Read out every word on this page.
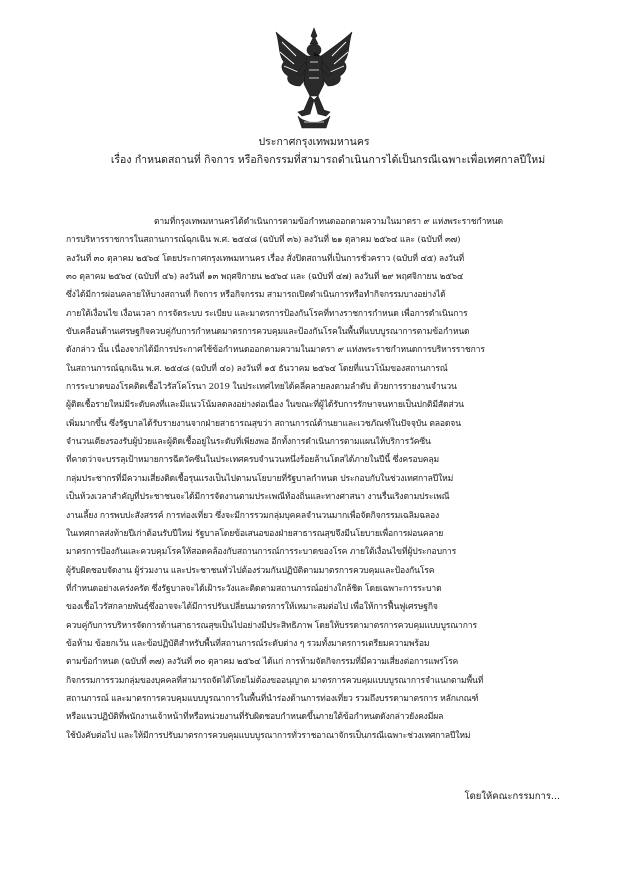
ประกาศกรุงเทพมหานคร
เรื่อง กำหนดสถานที่ กิจการ หรือกิจกรรมที่สามารถดำเนินการได้เป็นกรณีเฉพาะเพื่อเทศกาลปีใหม่
ตามที่กรุงเทพมหานครได้ดำเนินการตามข้อกำหนดออกตามความในมาตรา ๙ แห่งพระราชกำหนด
การบริหารราชการในสถานการณ์ฉุกเฉิน พ.ศ. ๒๕๔๘ (ฉบับที่ ๓๖) ลงวันที่ ๒๑ ตุลาคม ๒๕๖๔ และ (ฉบับที่ ๓๗)
ลงวันที่ ๓๐ ตุลาคม ๒๕๖๔ โดยประกาศกรุงเทพมหานคร เรื่อง สั่งปิดสถานที่เป็นการชั่วคราว (ฉบับที่ ๔๕) ลงวันที่
๓๐ ตุลาคม ๒๕๖๔ (ฉบับที่ ๔๖) ลงวันที่ ๑๓ พฤศจิกายน ๒๕๖๔ และ (ฉบับที่ ๔๗) ลงวันที่ ๒๙ พฤศจิกายน ๒๕๖๔
ซึ่งได้มีการผ่อนคลายให้บางสถานที่ กิจการ หรือกิจกรรม สามารถเปิดดำเนินการหรือทำกิจกรรมบางอย่างได้
ภายใต้เงื่อนไข เงื่อนเวลา การจัดระบบ ระเบียบ และมาตรการป้องกันโรคที่ทางราชการกำหนด เพื่อการดำเนินการ
ขับเคลื่อนด้านเศรษฐกิจควบคู่กับการกำหนดมาตรการควบคุมและป้องกันโรคในพื้นที่แบบบูรณาการตามข้อกำหนด
ดังกล่าว นั้น เนื่องจากได้มีการประกาศใช้ข้อกำหนดออกตามความในมาตรา ๙ แห่งพระราชกำหนดการบริหารราชการ
ในสถานการณ์ฉุกเฉิน พ.ศ. ๒๕๔๘ (ฉบับที่ ๔๐) ลงวันที่ ๑๕ ธันวาคม ๒๕๖๔ โดยที่แนวโน้มของสถานการณ์
การระบาดของโรคติดเชื้อไวรัสโคโรนา 2019 ในประเทศไทยได้คลี่คลายลงตามลำดับ ด้วยการรายงานจำนวน
ผู้ติดเชื้อรายใหม่มีระดับคงที่และมีแนวโน้มลดลงอย่างต่อเนื่อง ในขณะที่ผู้ได้รับการรักษาจนหายเป็นปกติมีสัดส่วน
เพิ่มมากขึ้น ซึ่งรัฐบาลได้รับรายงานจากฝ่ายสาธารณสุขว่า สถานการณ์ด้านยาและเวชภัณฑ์ในปัจจุบัน ตลอดจน
จำนวนเตียงรองรับผู้ป่วยและผู้ติดเชื้ออยู่ในระดับที่เพียงพอ อีกทั้งการดำเนินการตามแผนให้บริการวัคซีน
ที่คาดว่าจะบรรลุเป้าหมายการฉีดวัคซีนในประเทศครบจำนวนหนึ่งร้อยล้านโดสได้ภายในปีนี้ ซึ่งครอบคลุม
กลุ่มประชากรที่มีความเสี่ยงติดเชื้อรุนแรงเป็นไปตามนโยบายที่รัฐบาลกำหนด ประกอบกับในช่วงเทศกาลปีใหม่
เป็นห้วงเวลาสำคัญที่ประชาชนจะได้มีการจัดงานตามประเพณีท้องถิ่นและทางศาสนา งานรื่นเริงตามประเพณี
งานเลี้ยง การพบปะสังสรรค์ การท่องเที่ยว ซึ่งจะมีการรวมกลุ่มบุคคลจำนวนมากเพื่อจัดกิจกรรมเฉลิมฉลอง
ในเทศกาลส่งท้ายปีเก่าต้อนรับปีใหม่ รัฐบาลโดยข้อเสนอของฝ่ายสาธารณสุขจึงมีนโยบายเพื่อการผ่อนคลาย
มาตรการป้องกันและควบคุมโรคให้สอดคล้องกับสถานการณ์การระบาดของโรค ภายใต้เงื่อนไขที่ผู้ประกอบการ
ผู้รับผิดชอบจัดงาน ผู้ร่วมงาน และประชาชนทั่วไปต้องร่วมกันปฏิบัติตามมาตรการควบคุมและป้องกันโรค
ที่กำหนดอย่างเคร่งครัด ซึ่งรัฐบาลจะได้เฝ้าระวังและติดตามสถานการณ์อย่างใกล้ชิด โดยเฉพาะการระบาด
ของเชื้อไวรัสกลายพันธุ์ซึ่งอาจจะได้มีการปรับเปลี่ยนมาตรการให้เหมาะสมต่อไป เพื่อให้การฟื้นฟูเศรษฐกิจ
ควบคู่กับการบริหารจัดการด้านสาธารณสุขเป็นไปอย่างมีประสิทธิภาพ โดยให้บรรดามาตรการควบคุมแบบบูรณาการ
ข้อห้าม ข้อยกเว้น และข้อปฏิบัติสำหรับพื้นที่สถานการณ์ระดับต่าง ๆ รวมทั้งมาตรการเตรียมความพร้อม
ตามข้อกำหนด (ฉบับที่ ๓๗) ลงวันที่ ๓๐ ตุลาคม ๒๕๖๔ ได้แก่ การห้ามจัดกิจกรรมที่มีความเสี่ยงต่อการแพร่โรค
กิจกรรมการรวมกลุ่มของบุคคลที่สามารถจัดได้โดยไม่ต้องขออนุญาต มาตรการควบคุมแบบบูรณาการจำแนกตามพื้นที่
สถานการณ์ และมาตรการควบคุมแบบบูรณาการในพื้นที่นำร่องด้านการท่องเที่ยว รวมถึงบรรดามาตรการ หลักเกณฑ์
หรือแนวปฏิบัติที่พนักงานเจ้าหน้าที่หรือหน่วยงานที่รับผิดชอบกำหนดขึ้นภายใต้ข้อกำหนดดังกล่าวยังคงมีผล
ใช้บังคับต่อไป และให้มีการปรับมาตรการควบคุมแบบบูรณาการทั่วราชอาณาจักรเป็นกรณีเฉพาะช่วงเทศกาลปีใหม่
โดยให้คณะกรรมการ...
